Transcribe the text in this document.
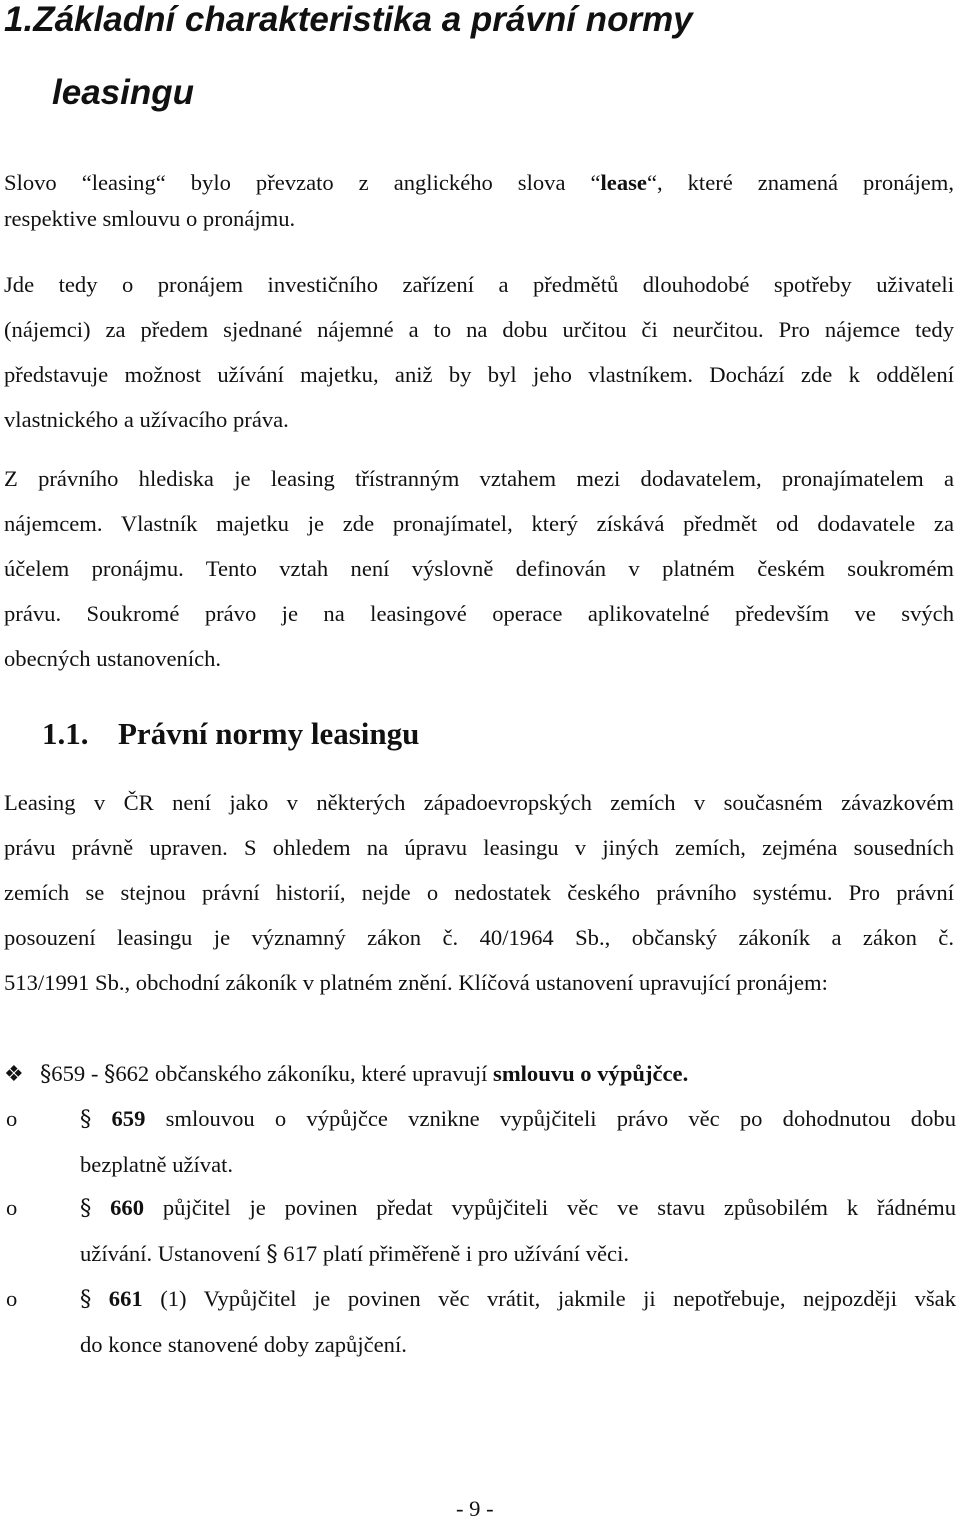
1.Základní charakteristika a právní normy
leasingu
Slovo “leasing“ bylo převzato z anglického slova “lease“, které znamená pronájem,
respektive smlouvu o pronájmu.
Jde tedy o pronájem investičního zařízení a předmětů dlouhodobé spotřeby uživateli
(nájemci) za předem sjednané nájemné a to na dobu určitou či neurčitou. Pro nájemce tedy
představuje možnost užívání majetku, aniž by byl jeho vlastníkem. Dochází zde k oddělení
vlastnického a užívacího práva.
Z právního hlediska je leasing třístranným vztahem mezi dodavatelem, pronajímatelem a
nájemcem. Vlastník majetku je zde pronajímatel, který získává předmět od dodavatele za
účelem pronájmu. Tento vztah není výslovně definován v platném českém soukromém
právu. Soukromé právo je na leasingové operace aplikovatelné především ve svých
obecných ustanoveních.
1.1. Právní normy leasingu
Leasing v ČR není jako v některých západoevropských zemích v současném závazkovém
právu právně upraven. S ohledem na úpravu leasingu v jiných zemích, zejména sousedních
zemích se stejnou právní historií, nejde o nedostatek českého právního systému. Pro právní
posouzení leasingu je významný zákon č. 40/1964 Sb., občanský zákoník a zákon č.
513/1991 Sb., obchodní zákoník v platném znění. Klíčová ustanovení upravující pronájem:
❖ §659 - §662 občanského zákoníku, které upravují smlouvu o výpůjčce.
o	§ 659 smlouvou o výpůjčce vznikne vypůjčiteli právo věc po dohodnutou dobu
bezplatně užívat.
o	§ 660 půjčitel je povinen předat vypůjčiteli věc ve stavu způsobilém k řádnému
užívání. Ustanovení § 617 platí přiměřeně i pro užívání věci.
o	§ 661 (1) Vypůjčitel je povinen věc vrátit, jakmile ji nepotřebuje, nejpozději však
do konce stanovené doby zapůjčení.
- 9 -
